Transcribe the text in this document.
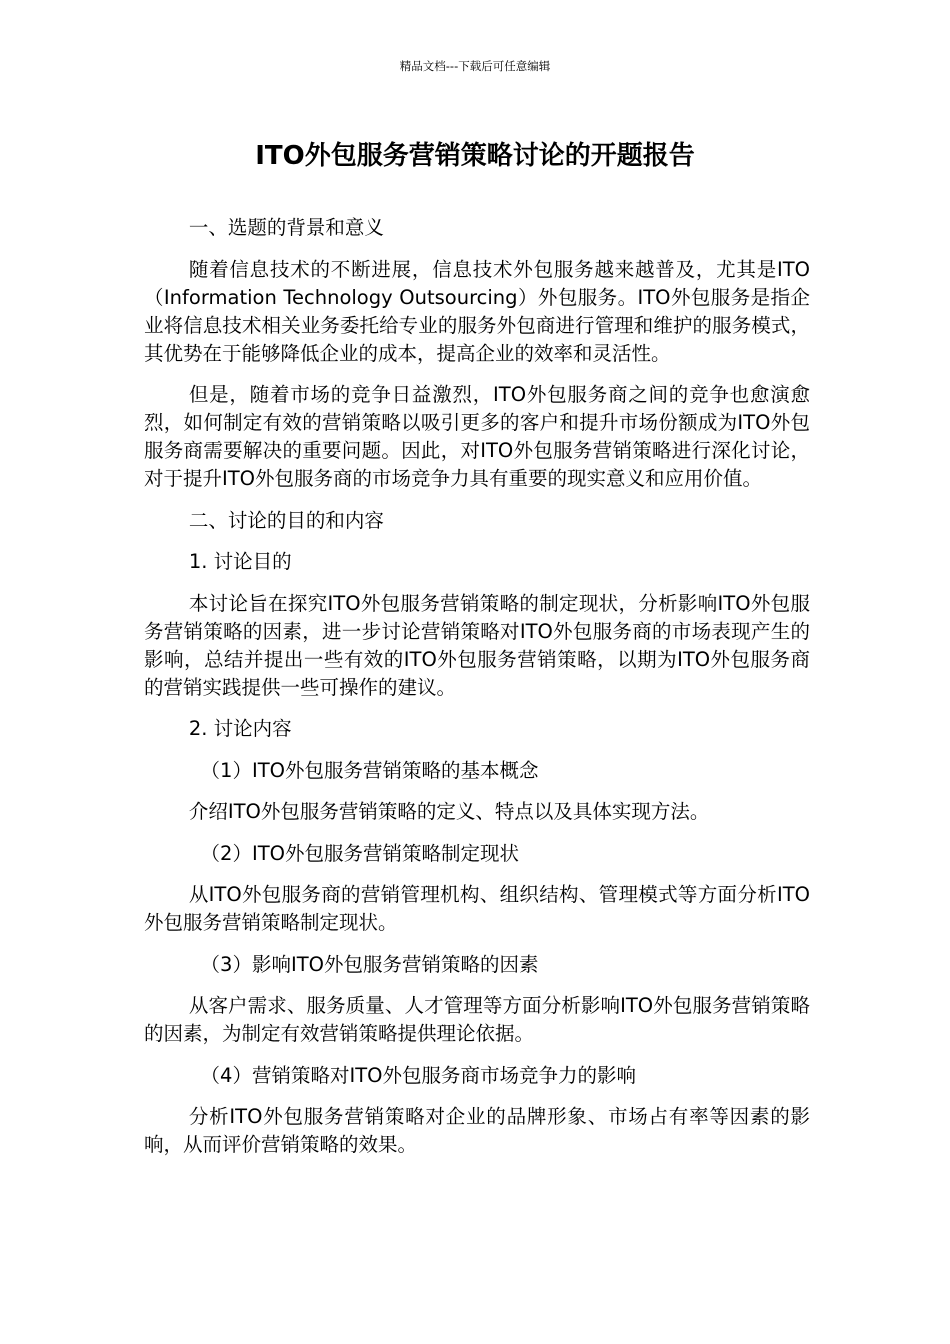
精品文档---下载后可任意编辑
ITO外包服务营销策略讨论的开题报告

一、选题的背景和意义

随着信息技术的不断进展，信息技术外包服务越来越普及，尤其是ITO（Information Technology Outsourcing）外包服务。ITO外包服务是指企业将信息技术相关业务委托给专业的服务外包商进行管理和维护的服务模式，其优势在于能够降低企业的成本，提高企业的效率和灵活性。

但是，随着市场的竞争日益激烈，ITO外包服务商之间的竞争也愈演愈烈，如何制定有效的营销策略以吸引更多的客户和提升市场份额成为ITO外包服务商需要解决的重要问题。因此，对ITO外包服务营销策略进行深化讨论，对于提升ITO外包服务商的市场竞争力具有重要的现实意义和应用价值。

二、讨论的目的和内容

1. 讨论目的

本讨论旨在探究ITO外包服务营销策略的制定现状，分析影响ITO外包服务营销策略的因素，进一步讨论营销策略对ITO外包服务商的市场表现产生的影响，总结并提出一些有效的ITO外包服务营销策略，以期为ITO外包服务商的营销实践提供一些可操作的建议。

2. 讨论内容

（1）ITO外包服务营销策略的基本概念

介绍ITO外包服务营销策略的定义、特点以及具体实现方法。

（2）ITO外包服务营销策略制定现状

从ITO外包服务商的营销管理机构、组织结构、管理模式等方面分析ITO外包服务营销策略制定现状。

（3）影响ITO外包服务营销策略的因素

从客户需求、服务质量、人才管理等方面分析影响ITO外包服务营销策略的因素，为制定有效营销策略提供理论依据。

（4）营销策略对ITO外包服务商市场竞争力的影响

分析ITO外包服务营销策略对企业的品牌形象、市场占有率等因素的影响，从而评价营销策略的效果。
